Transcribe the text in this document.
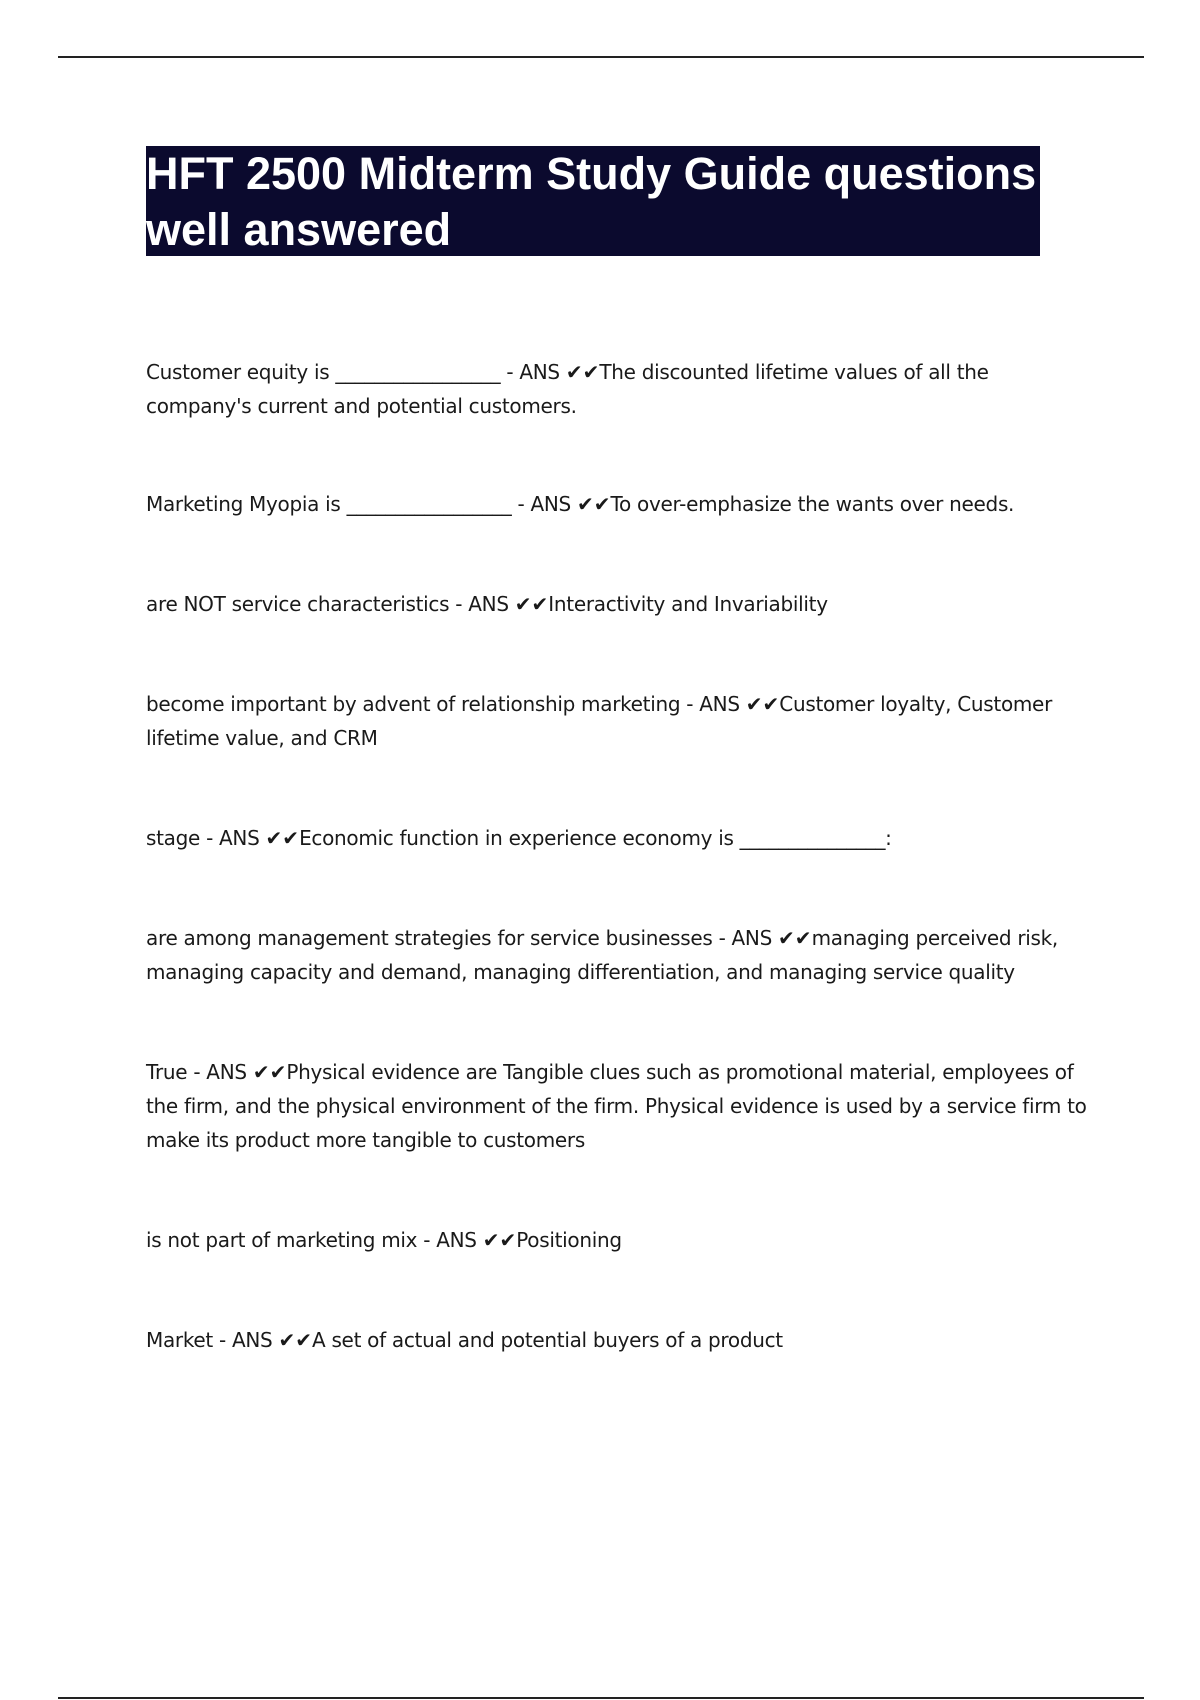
HFT 2500 Midterm Study Guide questions well answered

Customer equity is _________________ - ANS ✔✔The discounted lifetime values of all the company's current and potential customers.

Marketing Myopia is _________________ - ANS ✔✔To over-emphasize the wants over needs.

are NOT service characteristics - ANS ✔✔Interactivity and Invariability

become important by advent of relationship marketing - ANS ✔✔Customer loyalty, Customer lifetime value, and CRM

stage - ANS ✔✔Economic function in experience economy is _______________:

are among management strategies for service businesses - ANS ✔✔managing perceived risk, managing capacity and demand, managing differentiation, and managing service quality

True - ANS ✔✔Physical evidence are Tangible clues such as promotional material, employees of the firm, and the physical environment of the firm. Physical evidence is used by a service firm to make its product more tangible to customers

is not part of marketing mix - ANS ✔✔Positioning

Market - ANS ✔✔A set of actual and potential buyers of a product
